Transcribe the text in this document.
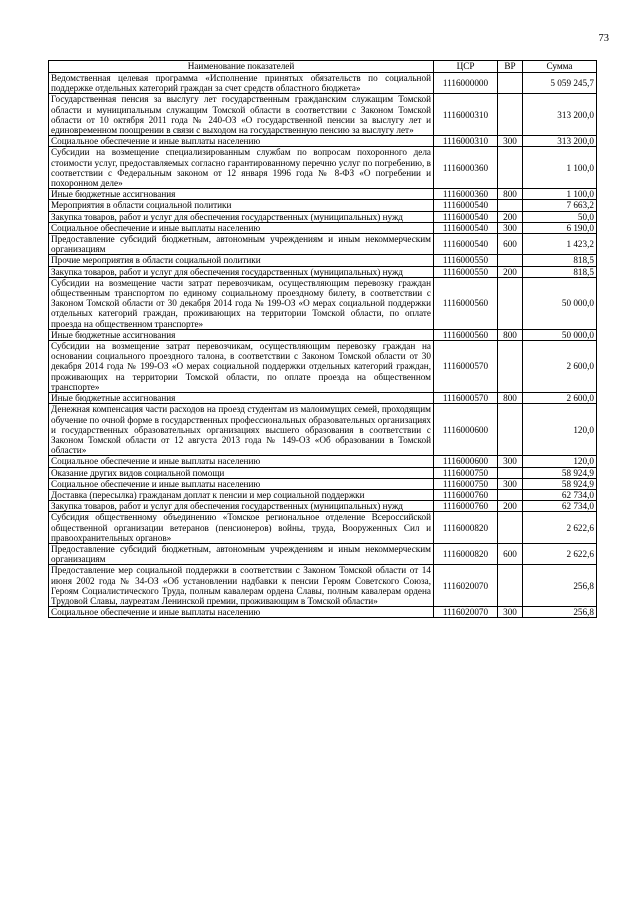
73
Наименование показателей	ЦСР	ВР	Сумма
Ведомственная целевая программа «Исполнение принятых обязательств по социальной поддержке отдельных категорий граждан за счет средств областного бюджета»	1116000000		5 059 245,7
Государственная пенсия за выслугу лет государственным гражданским служащим Томской области и муниципальным служащим Томской области в соответствии с Законом Томской области от 10 октября 2011 года № 240-ОЗ «О государственной пенсии за выслугу лет и единовременном поощрении в связи с выходом на государственную пенсию за выслугу лет»	1116000310		313 200,0
Социальное обеспечение и иные выплаты населению	1116000310	300	313 200,0
Субсидии на возмещение специализированным службам по вопросам похоронного дела стоимости услуг, предоставляемых согласно гарантированному перечню услуг по погребению, в соответствии с Федеральным законом от 12 января 1996 года № 8-ФЗ «О погребении и похоронном деле»	1116000360		1 100,0
Иные бюджетные ассигнования	1116000360	800	1 100,0
Мероприятия в области социальной политики	1116000540		7 663,2
Закупка товаров, работ и услуг для обеспечения государственных (муниципальных) нужд	1116000540	200	50,0
Социальное обеспечение и иные выплаты населению	1116000540	300	6 190,0
Предоставление субсидий бюджетным, автономным учреждениям и иным некоммерческим организациям	1116000540	600	1 423,2
Прочие мероприятия в области социальной политики	1116000550		818,5
Закупка товаров, работ и услуг для обеспечения государственных (муниципальных) нужд	1116000550	200	818,5
Субсидии на возмещение части затрат перевозчикам, осуществляющим перевозку граждан общественным транспортом по единому социальному проездному билету, в соответствии с Законом Томской области от 30 декабря 2014 года № 199-ОЗ «О мерах социальной поддержки отдельных категорий граждан, проживающих на территории Томской области, по оплате проезда на общественном транспорте»	1116000560		50 000,0
Иные бюджетные ассигнования	1116000560	800	50 000,0
Субсидии на возмещение затрат перевозчикам, осуществляющим перевозку граждан на основании социального проездного талона, в соответствии с Законом Томской области от 30 декабря 2014 года № 199-ОЗ «О мерах социальной поддержки отдельных категорий граждан, проживающих на территории Томской области, по оплате проезда на общественном транспорте»	1116000570		2 600,0
Иные бюджетные ассигнования	1116000570	800	2 600,0
Денежная компенсация части расходов на проезд студентам из малоимущих семей, проходящим обучение по очной форме в государственных профессиональных образовательных организациях и государственных образовательных организациях высшего образования в соответствии с Законом Томской области от 12 августа 2013 года № 149-ОЗ «Об образовании в Томской области»	1116000600		120,0
Социальное обеспечение и иные выплаты населению	1116000600	300	120,0
Оказание других видов социальной помощи	1116000750		58 924,9
Социальное обеспечение и иные выплаты населению	1116000750	300	58 924,9
Доставка (пересылка) гражданам доплат к пенсии и мер социальной поддержки	1116000760		62 734,0
Закупка товаров, работ и услуг для обеспечения государственных (муниципальных) нужд	1116000760	200	62 734,0
Субсидия общественному объединению «Томское региональное отделение Всероссийской общественной организации ветеранов (пенсионеров) войны, труда, Вооруженных Сил и правоохранительных органов»	1116000820		2 622,6
Предоставление субсидий бюджетным, автономным учреждениям и иным некоммерческим организациям	1116000820	600	2 622,6
Предоставление мер социальной поддержки в соответствии с Законом Томской области от 14 июня 2002 года № 34-ОЗ «Об установлении надбавки к пенсии Героям Советского Союза, Героям Социалистического Труда, полным кавалерам ордена Славы, полным кавалерам ордена Трудовой Славы, лауреатам Ленинской премии, проживающим в Томской области»	1116020070		256,8
Социальное обеспечение и иные выплаты населению	1116020070	300	256,8
